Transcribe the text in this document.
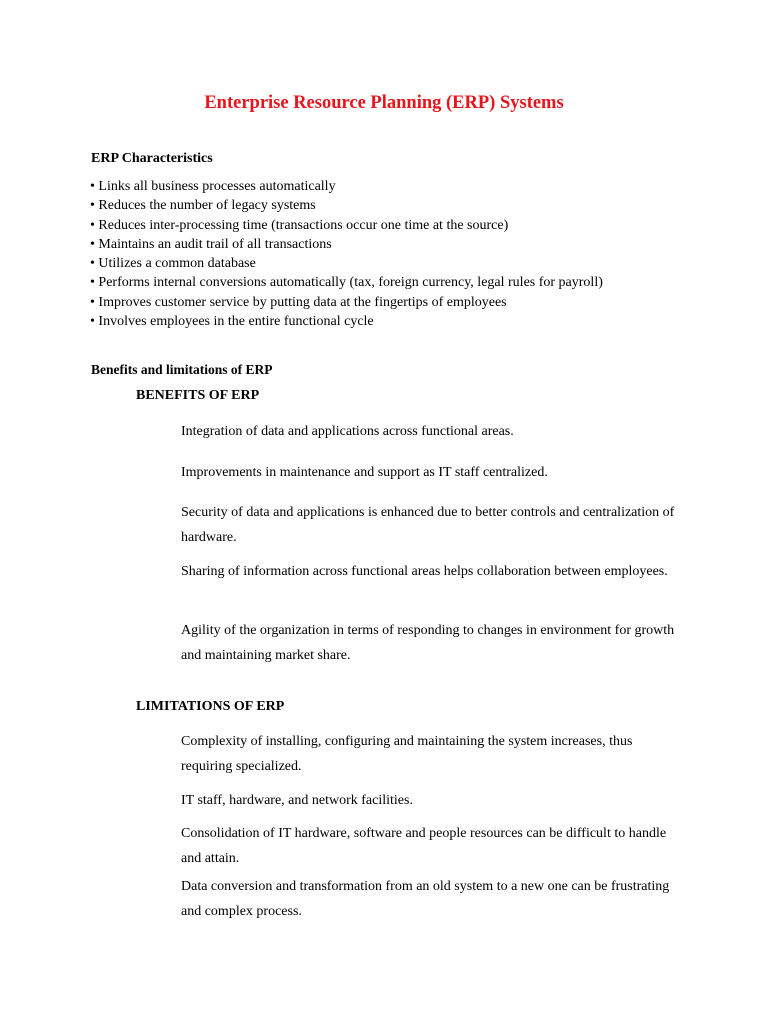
Enterprise Resource Planning (ERP) Systems
ERP Characteristics
• Links all business processes automatically
• Reduces the number of legacy systems
• Reduces inter-processing time (transactions occur one time at the source)
• Maintains an audit trail of all transactions
• Utilizes a common database
• Performs internal conversions automatically (tax, foreign currency, legal rules for payroll)
• Improves customer service by putting data at the fingertips of employees
• Involves employees in the entire functional cycle
Benefits and limitations of ERP
BENEFITS OF ERP
Integration of data and applications across functional areas.
Improvements in maintenance and support as IT staff centralized.
Security of data and applications is enhanced due to better controls and centralization of hardware.
Sharing of information across functional areas helps collaboration between employees.
Agility of the organization in terms of responding to changes in environment for growth and maintaining market share.
LIMITATIONS OF ERP
Complexity of installing, configuring and maintaining the system increases, thus requiring specialized.
IT staff, hardware, and network facilities.
Consolidation of IT hardware, software and people resources can be difficult to handle and attain.
Data conversion and transformation from an old system to a new one can be frustrating and complex process.
